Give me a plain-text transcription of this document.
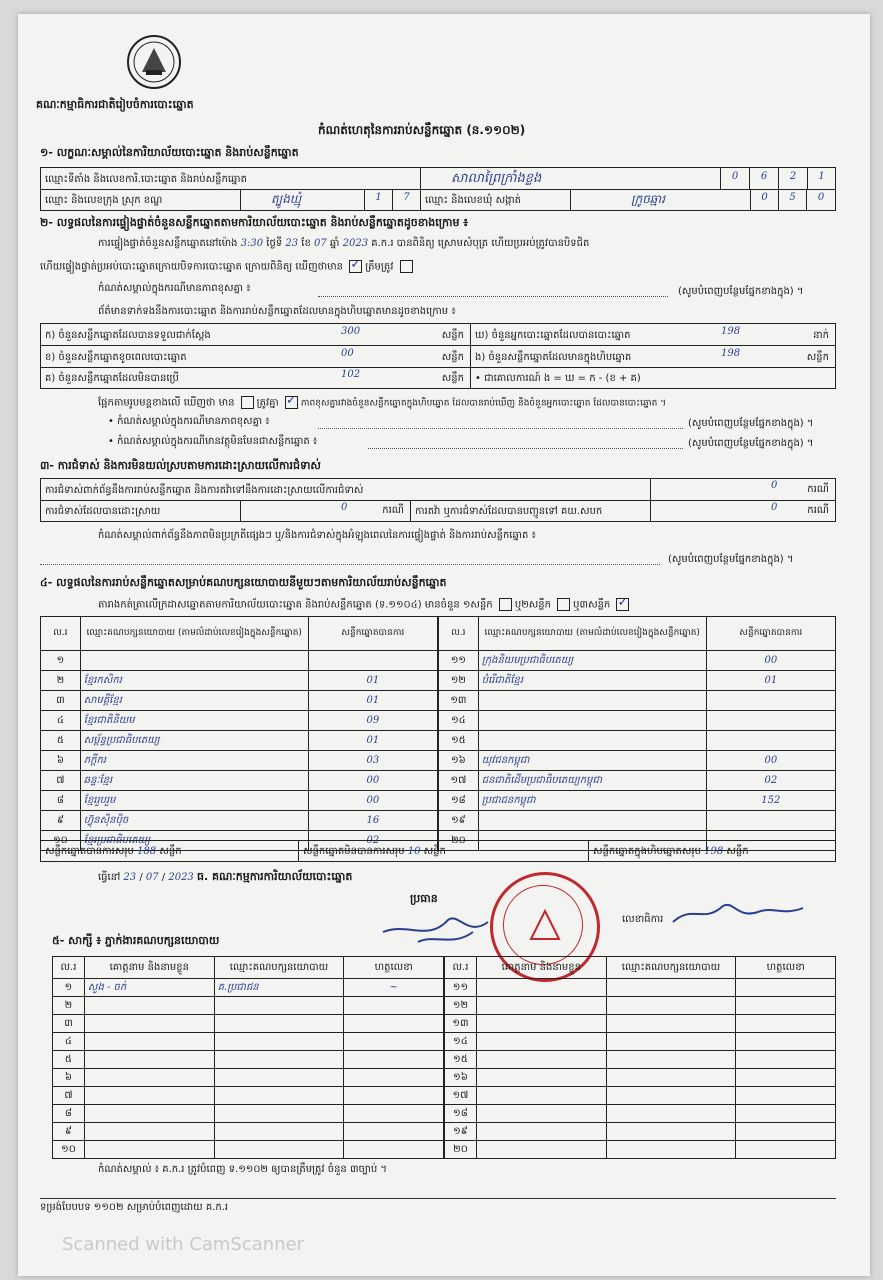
គណៈកម្មាធិការជាតិរៀបចំការបោះឆ្នោត
កំណត់ហេតុនៃការរាប់សន្លឹកឆ្នោត (ន.១១០២)
១- លក្ខណៈសម្គាល់នៃការិយាល័យបោះឆ្នោត និងរាប់សន្លឹកឆ្នោត
ឈ្មោះទីតាំង និងលេខការិ.បោះឆ្នោត និងរាប់សន្លឹកឆ្នោត	សាលាព្រៃក្រាំងខ្លង	0	6	2	1
ឈ្មោះ និងលេខក្រុង ស្រុក ខណ្ឌ	ត្បូងឃ្មុំ	1	7	ឈ្មោះ និងលេខឃុំ សង្កាត់	ក្រូចឆ្មារ	0	5	0
២- លទ្ធផលនៃការផ្ទៀងផ្ទាត់ចំនួនសន្លឹកឆ្នោតតាមការិយាល័យបោះឆ្នោត និងរាប់សន្លឹកឆ្នោតដូចខាងក្រោម ៖
ការផ្ទៀងផ្ទាត់ចំនួនសន្លឹកឆ្នោតនៅម៉ោង 3:30 ថ្ងៃទី 23 ខែ 07 ឆ្នាំ 2023 គ.ក.រ បានពិនិត្យ ស្រោមសំបុត្រ ហើយប្រអប់ត្រូវបានបិទជិត
ហើយផ្ទៀងផ្ទាត់ប្រអប់បោះឆ្នោតក្រោយបិទការបោះឆ្នោត ក្រោយពិនិត្យ ឃើញថាមាន ✓ ត្រឹមត្រូវ
កំណត់សម្គាល់ក្នុងករណីមានភាពខុសគ្នា ៖	(សូមបំពេញបន្ថែមផ្នែកខាងក្នុង) ។
ព័ត៌មានទាក់ទងនឹងការបោះឆ្នោត និងការរាប់សន្លឹកឆ្នោតដែលមានក្នុងហិបឆ្នោតមានដូចខាងក្រោម ៖
ក) ចំនួនសន្លឹកឆ្នោតដែលបានទទួលជាក់ស្តែង	300	សន្លឹក	ឃ) ចំនួនអ្នកបោះឆ្នោតដែលបានបោះឆ្នោត	198	នាក់
ខ) ចំនួនសន្លឹកឆ្នោតខូចពេលបោះឆ្នោត	00	សន្លឹក	ង) ចំនួនសន្លឹកឆ្នោតដែលមានក្នុងហិបឆ្នោត	198	សន្លឹក
គ) ចំនួនសន្លឹកឆ្នោតដែលមិនបានប្រើ	102	សន្លឹក	• ជាគោលការណ៍ ង = ឃ = ក - (ខ + គ)
ផ្អែកតាមរូបមន្តខាងលើ ឃើញថា មាន ត្រូវគ្នា ✓ ភាពខុសគ្នារវាងចំនួនសន្លឹកឆ្នោតក្នុងហិបឆ្នោត ដែលបានរាប់ឃើញ និងចំនួនអ្នកបោះឆ្នោត ដែលបានបោះឆ្នោត ។
• កំណត់សម្គាល់ក្នុងករណីមានភាពខុសគ្នា ៖	(សូមបំពេញបន្ថែមផ្នែកខាងក្នុង) ។
• កំណត់សម្គាល់ក្នុងករណីមានវត្ថុមិនមែនជាសន្លឹកឆ្នោត ៖	(សូមបំពេញបន្ថែមផ្នែកខាងក្នុង) ។
៣- ការជំទាស់ និងការមិនយល់ស្របតាមការដោះស្រាយលើការជំទាស់
ការជំទាស់ពាក់ព័ន្ធនឹងការរាប់សន្លឹកឆ្នោត និងការតវ៉ាទៅនឹងការដោះស្រាយលើការជំទាស់	0	ករណី
ការជំទាស់ដែលបានដោះស្រាយ	0	ករណី	ការតវ៉ា ឬការជំទាស់ដែលបានបញ្ជូនទៅ គឃ.សបក	0	ករណី
កំណត់សម្គាល់ពាក់ព័ន្ធនឹងភាពមិនប្រក្រតីផ្សេងៗ ឬ/និងការជំទាស់ក្នុងអំឡុងពេលនៃការផ្ទៀងផ្ទាត់ និងការរាប់សន្លឹកឆ្នោត ៖
(សូមបំពេញបន្ថែមផ្នែកខាងក្នុង) ។
៤- លទ្ធផលនៃការរាប់សន្លឹកឆ្នោតសម្រាប់គណបក្សនយោបាយនីមួយៗតាមការិយាល័យរាប់សន្លឹកឆ្នោត
តារាងកត់ត្រាលើក្រដាសឆ្នោតតាមការិយាល័យបោះឆ្នោត និងរាប់សន្លឹកឆ្នោត (ទ.១១០៤) មានចំនួន ១សន្លឹក ឬ២សន្លឹក ឬ៣សន្លឹក ✓
ល.រ	ឈ្មោះគណបក្សនយោបាយ (តាមលំដាប់លេខរៀងក្នុងសន្លឹកឆ្នោត)	សន្លឹកឆ្នោតបានការ
១		
២	ខ្មែរកសិករ	01
៣	សាមគ្គីខ្មែរ	01
៤	ខ្មែរជាតិនិយម	09
៥	សម្ព័ន្ធប្រជាធិបតេយ្យ	01
៦	ភក្តីករ	03
៧	ឆន្ទៈខ្មែរ	00
៨	ខ្មែររួបរួម	00
៩	ហ៊្វុនស៊ិនប៉ិច	16
១០	ខ្មែរប្រជាធិបតេយ្យ	02
ល.រ	ឈ្មោះគណបក្សនយោបាយ (តាមលំដាប់លេខរៀងក្នុងសន្លឹកឆ្នោត)	សន្លឹកឆ្នោតបានការ
១១	ក្រុងនិយមប្រជាធិបតេយ្យ	00
១២	បំរើជាតិខ្មែរ	01
១៣		
១៤		
១៥		
១៦	យុវជនកម្ពុជា	00
១៧	ជនជាតិដើមប្រជាធិបតេយ្យកម្ពុជា	02
១៨	ប្រជាជនកម្ពុជា	152
១៩		
២០		
សន្លឹកឆ្នោតបានការសរុប 188 សន្លឹក	សន្លឹកឆ្នោតមិនបានការសរុប 10 សន្លឹក	សន្លឹកឆ្នោតក្នុងហិបឆ្នោតសរុប 198 សន្លឹក
ធ្វើនៅ 23 / 07 / 2023 ធ. គណៈកម្មការការិយាល័យបោះឆ្នោត
ប្រធាន
លេខាធិការ
៥- សាក្សី ៖ ភ្នាក់ងារគណបក្សនយោបាយ
ល.រ	គោត្តនាម និងនាមខ្លួន	ឈ្មោះគណបក្សនយោបាយ	ហត្ថលេខា
១	សួង - ចក់	គ.ប្រជាជន	~
២			
៣			
៤			
៥			
៦			
៧			
៨			
៩			
១០			
ល.រ	គោត្តនាម និងនាមខ្លួន	ឈ្មោះគណបក្សនយោបាយ	ហត្ថលេខា
១១			
១២			
១៣			
១៤			
១៥			
១៦			
១៧			
១៨			
១៩			
២០			
កំណត់សម្គាល់ ៖ គ.ក.រ ត្រូវបំពេញ ទ.១១០២ ឲ្យបានត្រឹមត្រូវ ចំនួន ៣ច្បាប់ ។
ទម្រង់បែបបទ ១១០២ សម្រាប់បំពេញដោយ គ.ក.រ
Scanned with CamScanner
